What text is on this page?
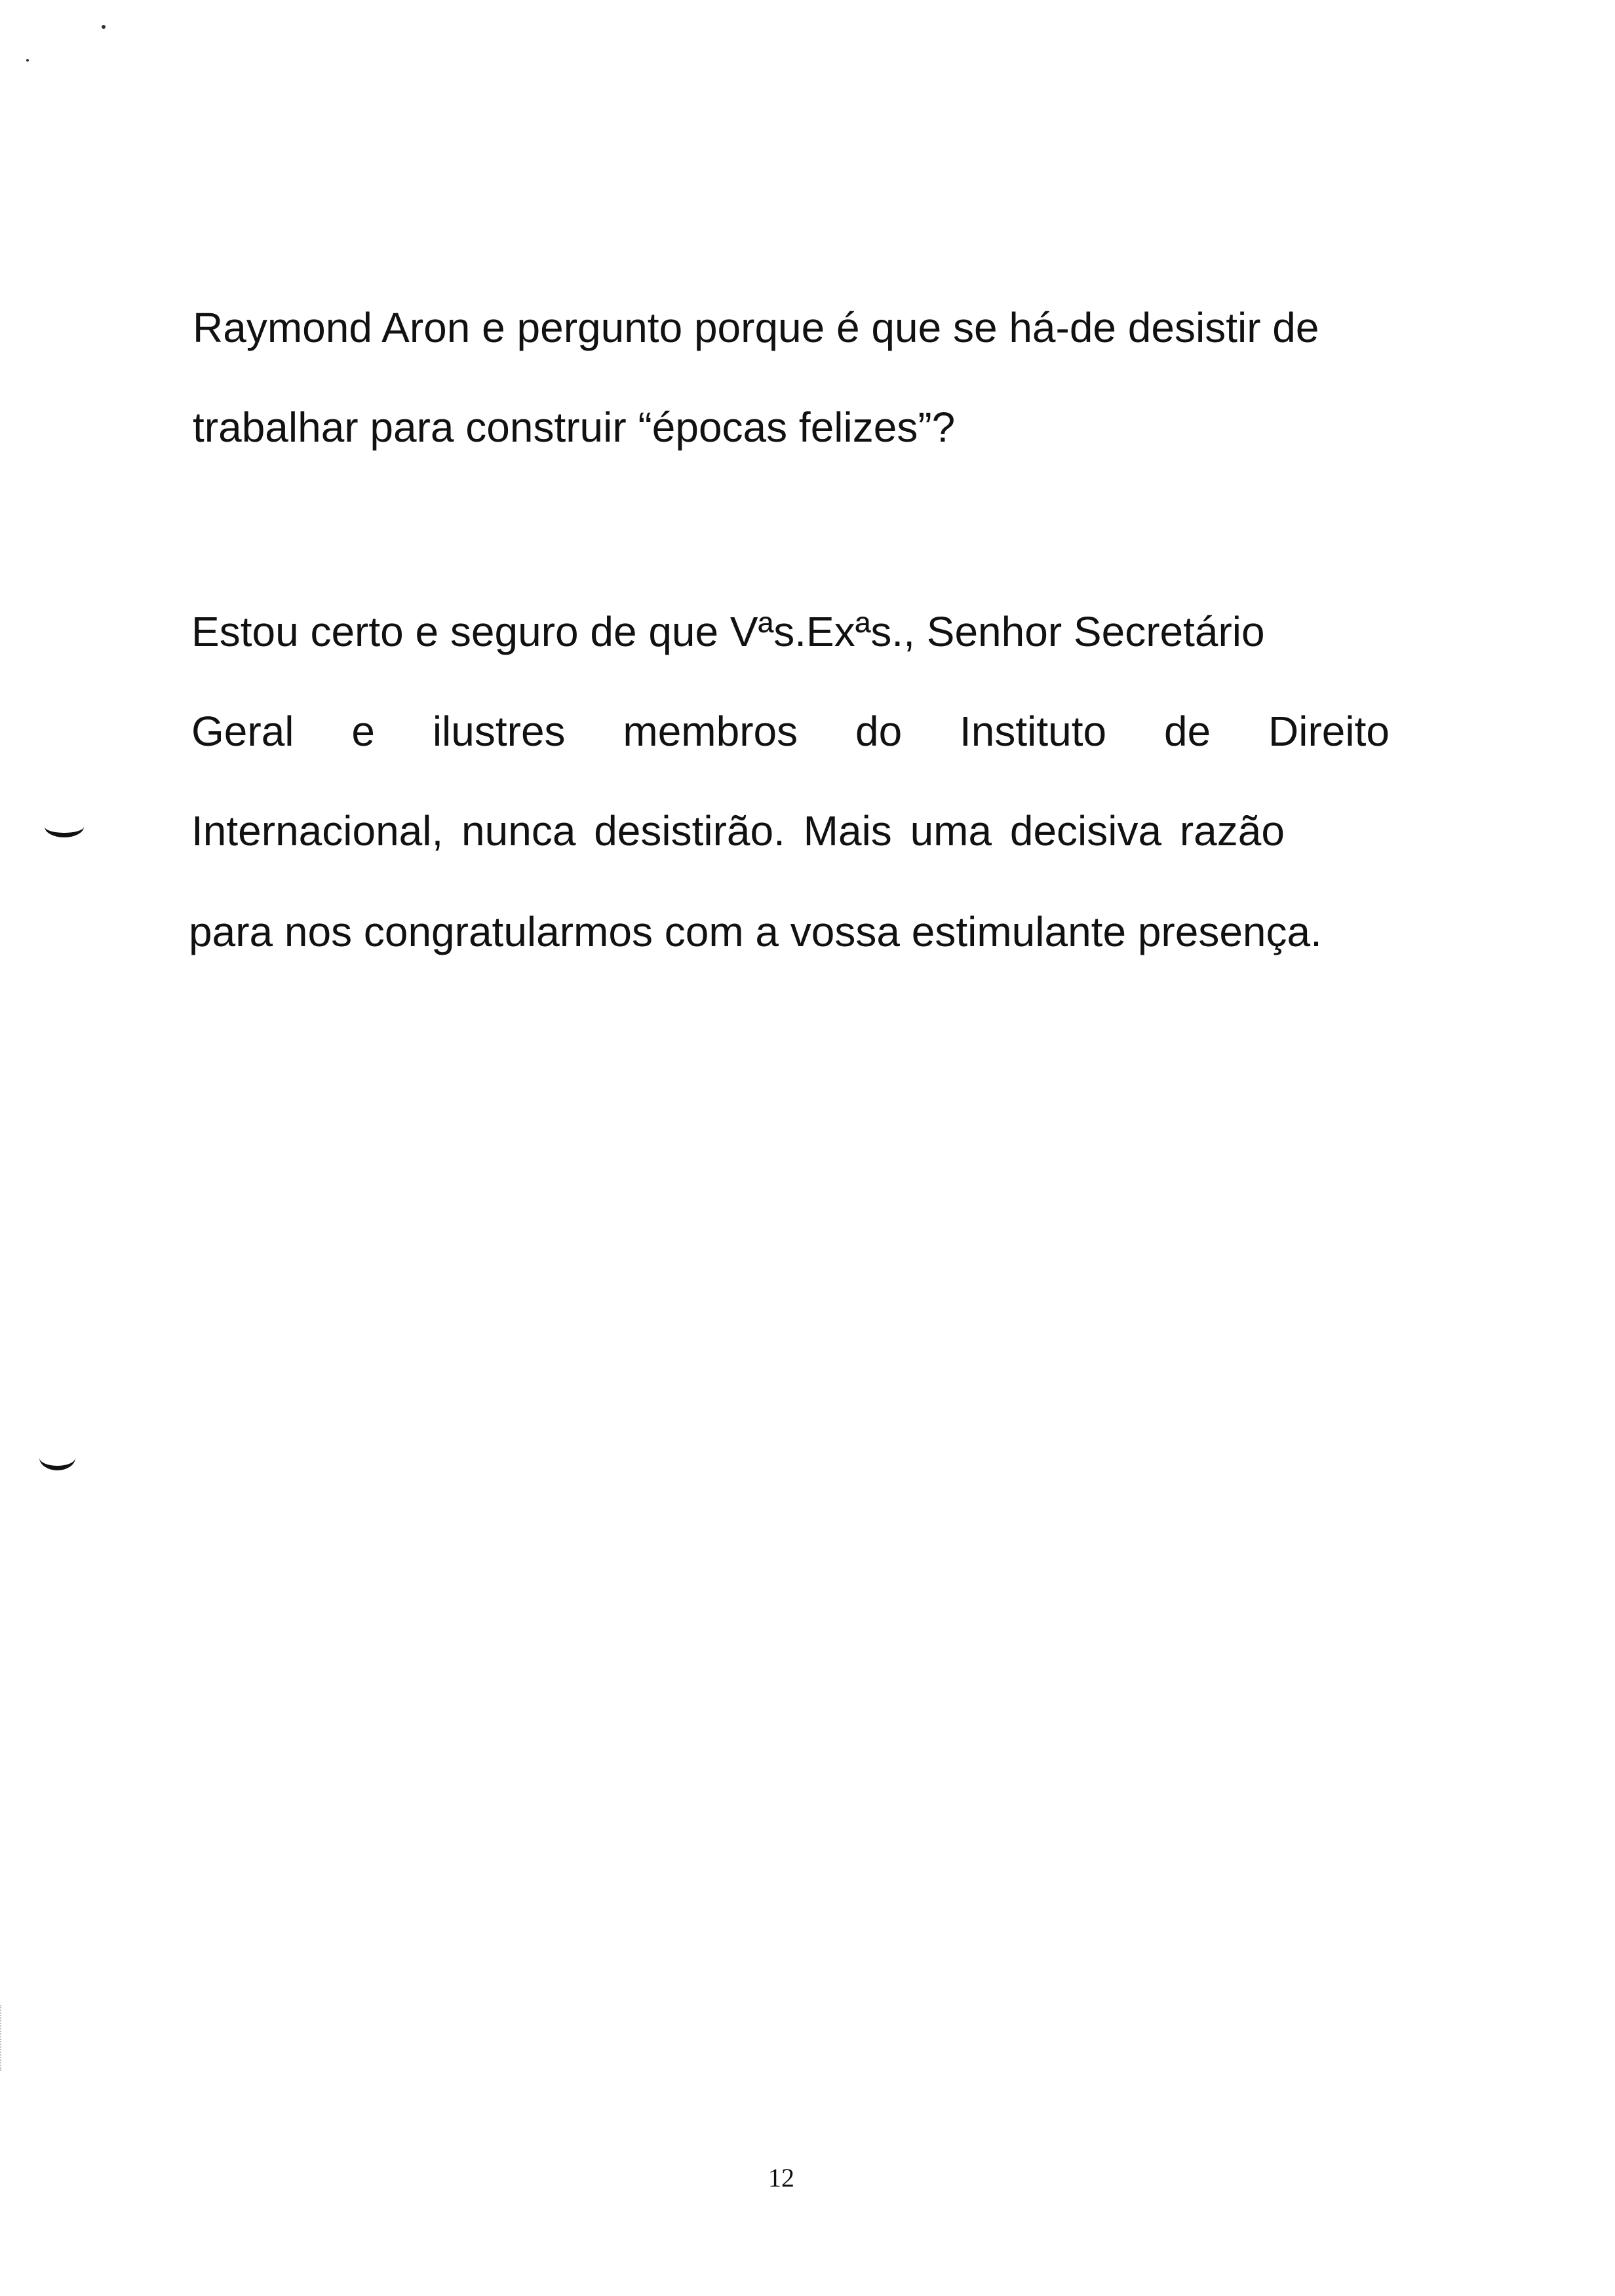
Raymond Aron e pergunto porque é que se há-de desistir de
trabalhar para construir “épocas felizes”?
Estou certo e seguro de que Vªs.Exªs., Senhor Secretário
Geral e ilustres membros do Instituto de Direito
Internacional, nunca desistirão. Mais uma decisiva razão
para nos congratularmos com a vossa estimulante presença.
12
